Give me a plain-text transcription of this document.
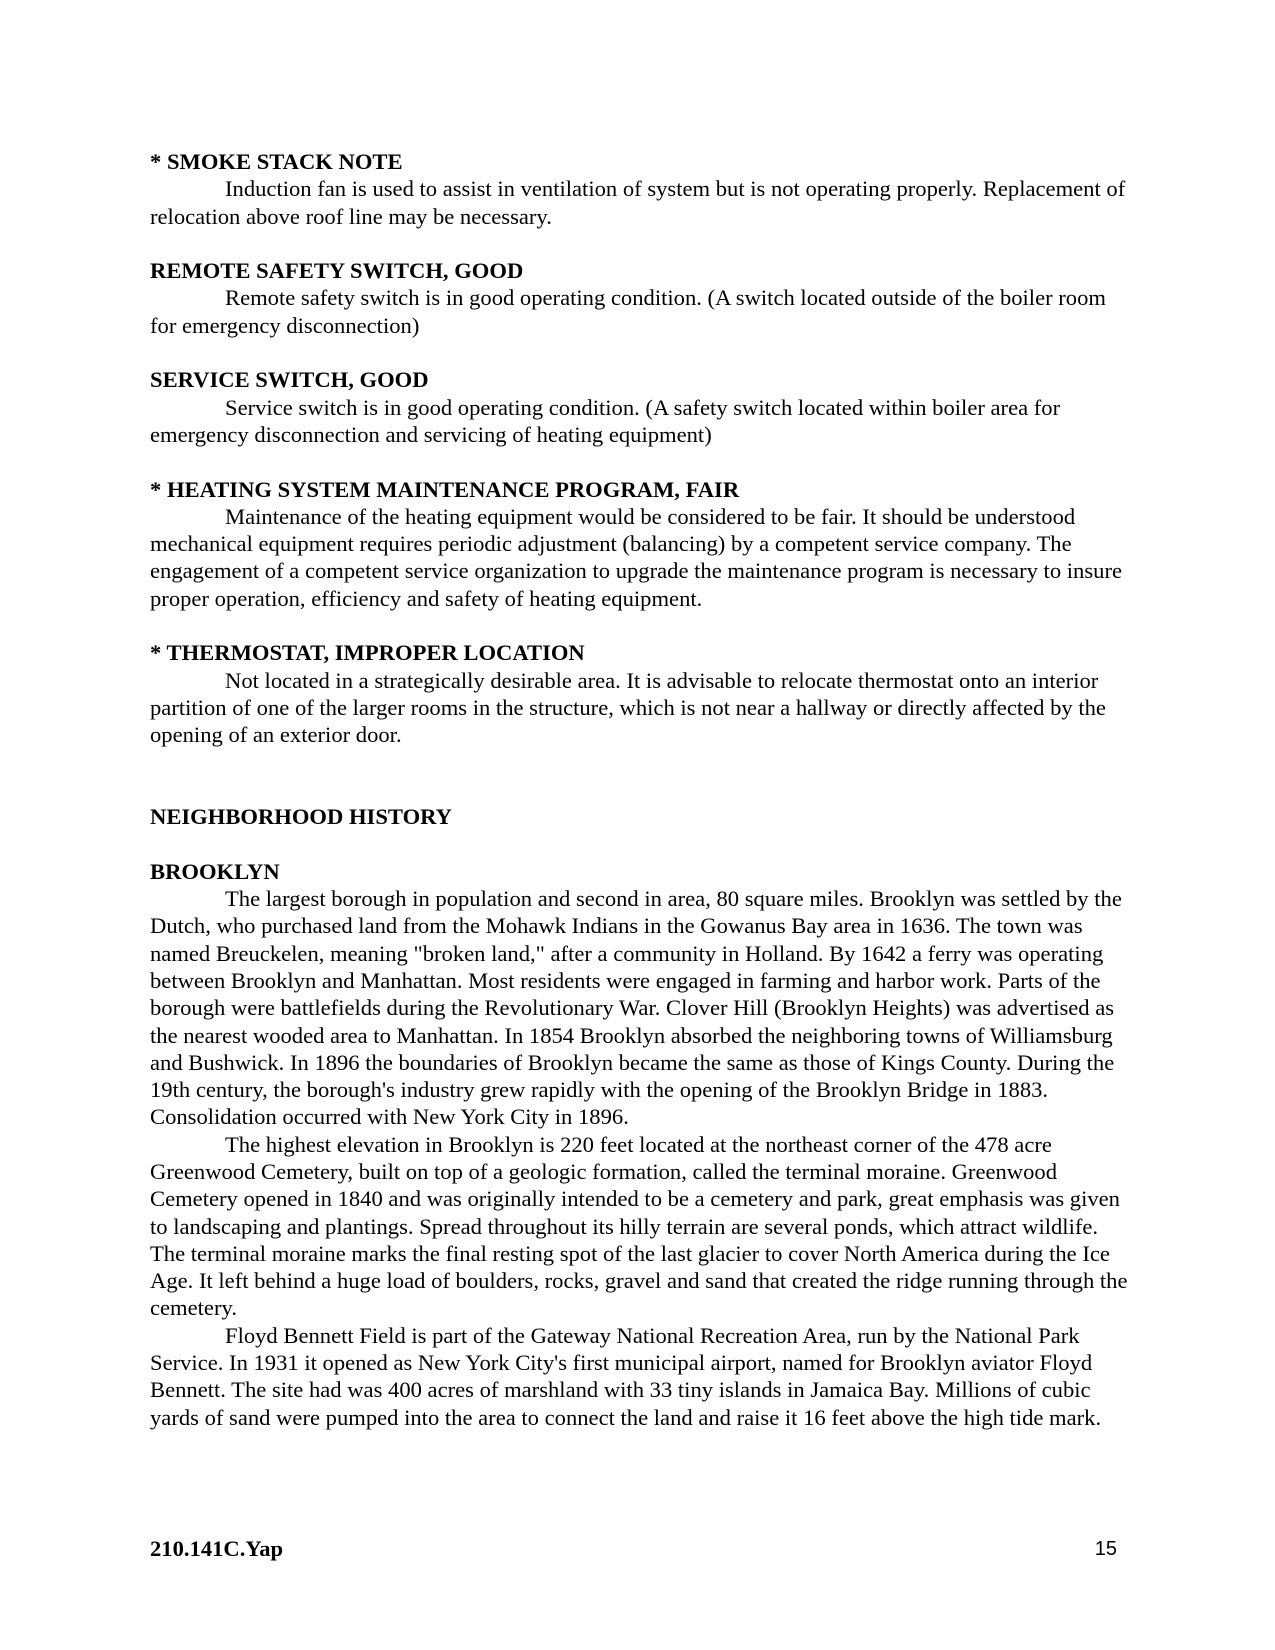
* SMOKE STACK NOTE

Induction fan is used to assist in ventilation of system but is not operating properly. Replacement of relocation above roof line may be necessary.

REMOTE SAFETY SWITCH, GOOD

Remote safety switch is in good operating condition. (A switch located outside of the boiler room for emergency disconnection)

SERVICE SWITCH, GOOD

Service switch is in good operating condition. (A safety switch located within boiler area for emergency disconnection and servicing of heating equipment)

* HEATING SYSTEM MAINTENANCE PROGRAM, FAIR

Maintenance of the heating equipment would be considered to be fair. It should be understood mechanical equipment requires periodic adjustment (balancing) by a competent service company. The engagement of a competent service organization to upgrade the maintenance program is necessary to insure proper operation, efficiency and safety of heating equipment.

* THERMOSTAT, IMPROPER LOCATION

Not located in a strategically desirable area. It is advisable to relocate thermostat onto an interior partition of one of the larger rooms in the structure, which is not near a hallway or directly affected by the opening of an exterior door.

NEIGHBORHOOD HISTORY

BROOKLYN

The largest borough in population and second in area, 80 square miles. Brooklyn was settled by the Dutch, who purchased land from the Mohawk Indians in the Gowanus Bay area in 1636. The town was named Breuckelen, meaning "broken land," after a community in Holland. By 1642 a ferry was operating between Brooklyn and Manhattan. Most residents were engaged in farming and harbor work. Parts of the borough were battlefields during the Revolutionary War. Clover Hill (Brooklyn Heights) was advertised as the nearest wooded area to Manhattan. In 1854 Brooklyn absorbed the neighboring towns of Williamsburg and Bushwick. In 1896 the boundaries of Brooklyn became the same as those of Kings County. During the 19th century, the borough's industry grew rapidly with the opening of the Brooklyn Bridge in 1883. Consolidation occurred with New York City in 1896.

The highest elevation in Brooklyn is 220 feet located at the northeast corner of the 478 acre Greenwood Cemetery, built on top of a geologic formation, called the terminal moraine. Greenwood Cemetery opened in 1840 and was originally intended to be a cemetery and park, great emphasis was given to landscaping and plantings. Spread throughout its hilly terrain are several ponds, which attract wildlife. The terminal moraine marks the final resting spot of the last glacier to cover North America during the Ice Age. It left behind a huge load of boulders, rocks, gravel and sand that created the ridge running through the cemetery.

Floyd Bennett Field is part of the Gateway National Recreation Area, run by the National Park Service. In 1931 it opened as New York City's first municipal airport, named for Brooklyn aviator Floyd Bennett. The site had was 400 acres of marshland with 33 tiny islands in Jamaica Bay. Millions of cubic yards of sand were pumped into the area to connect the land and raise it 16 feet above the high tide mark.

210.141C.Yap	15
